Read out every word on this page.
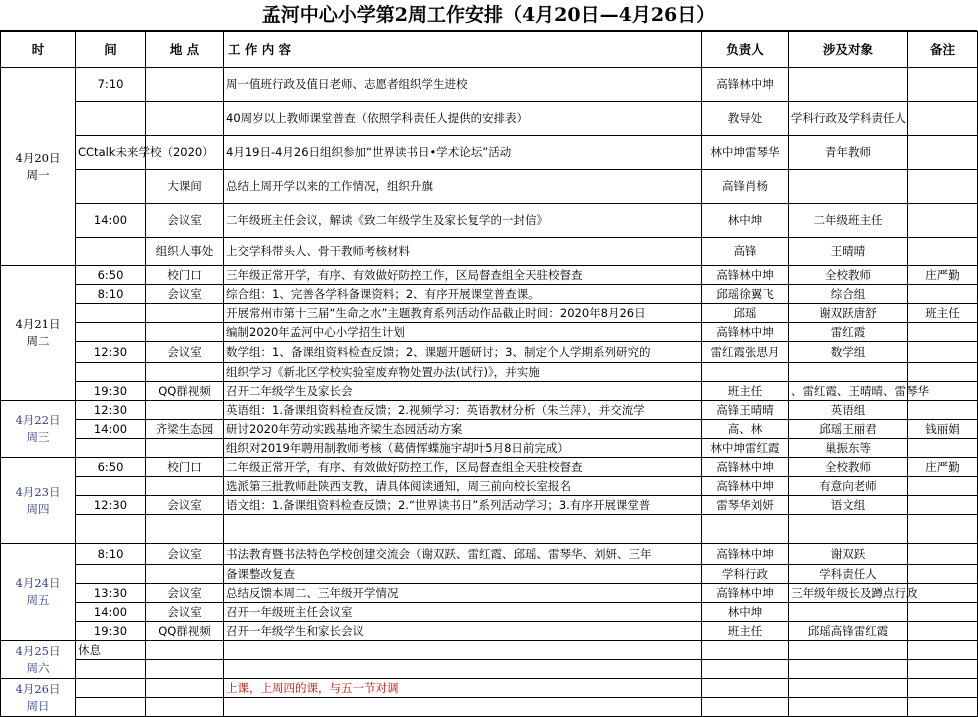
孟河中心小学第2周工作安排（4月20日—4月26日）
时	间	地 点	工 作 内 容	负责人	涉及对象	备注

4月20日
周一	7:10		周一值班行政及值日老师、志愿者组织学生进校	高锋林中坤		
			40周岁以上教师课堂普查（依照学科责任人提供的安排表）	教导处	学科行政及学科责任人	
	CCtalk未来学校（2020）		4月19日-4月26日组织参加“世界读书日•学术论坛”活动	林中坤雷琴华	青年教师	
		大课间	总结上周开学以来的工作情况，组织升旗	高锋肖杨		
	14:00	会议室	二年级班主任会议，解读《致二年级学生及家长复学的一封信》	林中坤	二年级班主任	
		组织人事处	上交学科带头人、骨干教师考核材料	高锋	王晴晴	

4月21日
周二	6:50	校门口	三年级正常开学，有序、有效做好防控工作，区局督查组全天驻校督查	高锋林中坤	全校教师	庄严勤
	8:10	会议室	综合组：1、完善各学科备课资料；2、有序开展课堂普查课。	邱瑶徐翼飞	综合组	
			开展常州市第十三届“生命之水”主题教育系列活动作品截止时间：2020年8月26日	邱瑶	谢双跃唐舒	班主任
			编制2020年孟河中心小学招生计划	高锋林中坤	雷红霞	
	12:30	会议室	数学组：1、备课组资料检查反馈；2、课题开题研讨；3、制定个人学期系列研究的	雷红霞张思月	数学组	
			组织学习《新北区学校实验室废弃物处置办法(试行)》，并实施			
	19:30	QQ群视频	召开二年级学生及家长会	班主任	、雷红霞、王晴晴、雷琴华	

4月22日
周三	12:30		英语组：1.备课组资料检查反馈；2.视频学习：英语教材分析（朱兰萍），并交流学	高锋王晴晴	英语组	
	14:00	齐梁生态园	研讨2020年劳动实践基地齐梁生态园活动方案	高、林	邱瑶王丽君	钱丽娟
			组织对2019年聘用制教师考核（葛倩恽蝶施宇胡叶5月8日前完成）	林中坤雷红霞	巢振东等	

4月23日
周四	6:50	校门口	二年级正常开学，有序、有效做好防控工作，区局督查组全天驻校督查	高锋林中坤	全校教师	庄严勤
			选派第三批教师赴陕西支教，请具体阅读通知，周三前向校长室报名	高锋林中坤	有意向老师	
	12:30	会议室	语文组：1.备课组资料检查反馈；2.“世界读书日”系列活动学习；3.有序开展课堂普	雷琴华刘妍	语文组	

4月24日
周五	8:10	会议室	书法教育暨书法特色学校创建交流会（谢双跃、雷红霞、邱瑶、雷琴华、刘妍、三年	高锋林中坤	谢双跃	
			备课整改复查	学科行政	学科责任人	
	13:30	会议室	总结反馈本周二、三年级开学情况	高锋林中坤	三年级年级长及蹲点行政	
	14:00	会议室	召开一年级班主任会议室	林中坤		
	19:30	QQ群视频	召开一年级学生和家长会议	班主任	邱瑶高锋雷红霞	

4月25日
周六	休息					

4月26日
周日			上课，上周四的课，与五一节对调			
